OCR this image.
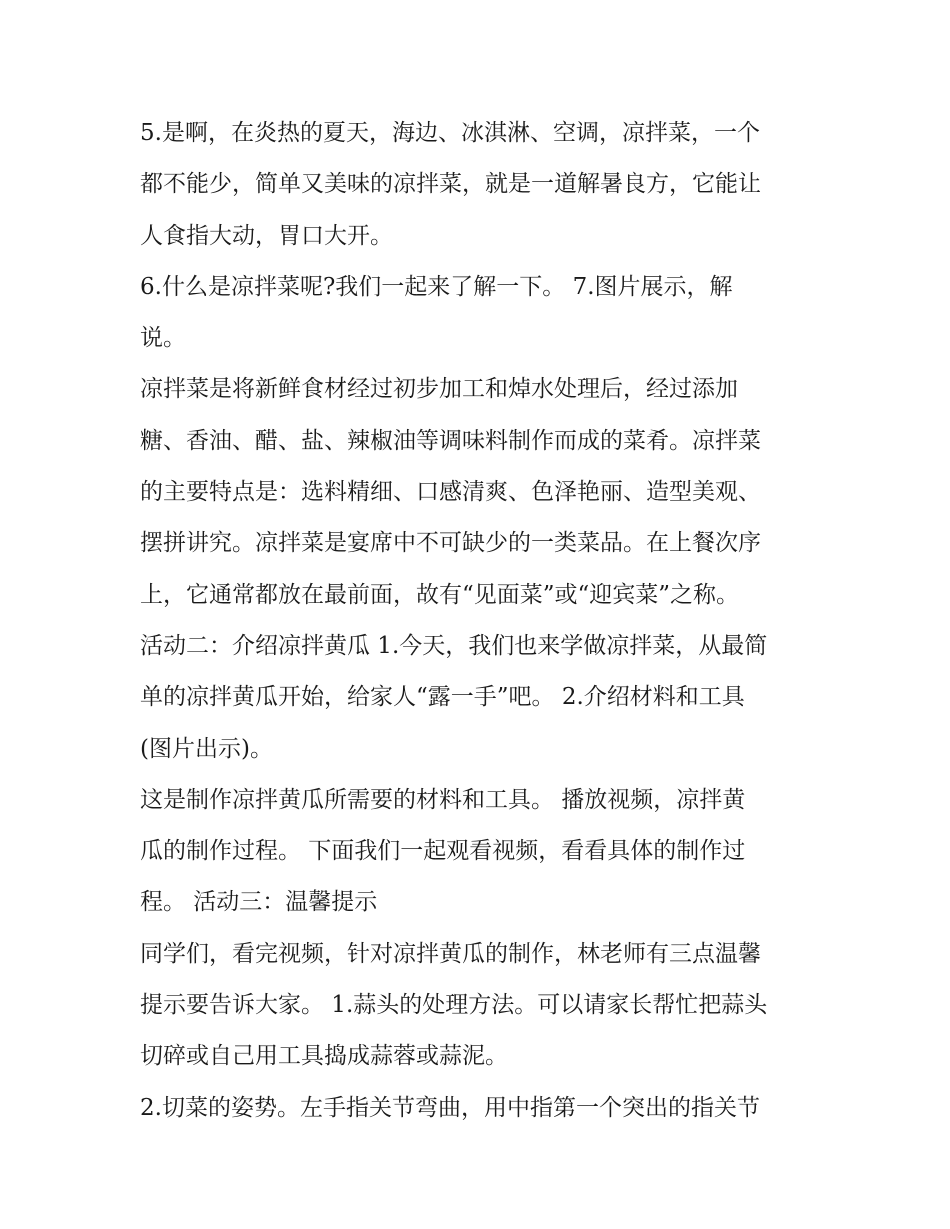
5.是啊，在炎热的夏天，海边、冰淇淋、空调，凉拌菜，一个
都不能少，简单又美味的凉拌菜，就是一道解暑良方，它能让
人食指大动，胃口大开。
6.什么是凉拌菜呢?我们一起来了解一下。 7.图片展示，解
说。
凉拌菜是将新鲜食材经过初步加工和焯水处理后，经过添加
糖、香油、醋、盐、辣椒油等调味料制作而成的菜肴。凉拌菜
的主要特点是：选料精细、口感清爽、色泽艳丽、造型美观、
摆拼讲究。凉拌菜是宴席中不可缺少的一类菜品。在上餐次序
上，它通常都放在最前面，故有“见面菜”或“迎宾菜”之称。
活动二：介绍凉拌黄瓜 1.今天，我们也来学做凉拌菜，从最简
单的凉拌黄瓜开始，给家人“露一手”吧。 2.介绍材料和工具
(图片出示)。
这是制作凉拌黄瓜所需要的材料和工具。 播放视频，凉拌黄
瓜的制作过程。 下面我们一起观看视频，看看具体的制作过
程。 活动三：温馨提示
同学们，看完视频，针对凉拌黄瓜的制作，林老师有三点温馨
提示要告诉大家。 1.蒜头的处理方法。可以请家长帮忙把蒜头
切碎或自己用工具捣成蒜蓉或蒜泥。
2.切菜的姿势。左手指关节弯曲，用中指第一个突出的指关节
